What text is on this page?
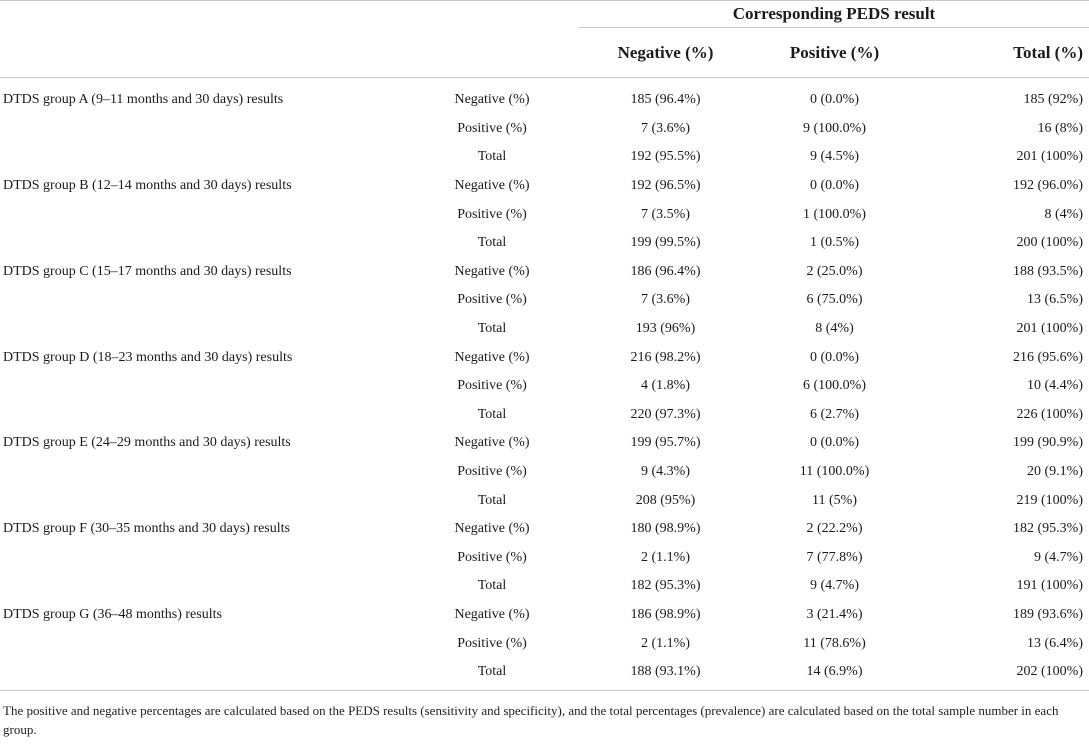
		Corresponding PEDS result		
		Negative (%)	Positive (%)	Total (%)

DTDS group A (9–11 months and 30 days) results	Negative (%)	185 (96.4%)	0 (0.0%)	185 (92%)
	Positive (%)	7 (3.6%)	9 (100.0%)	16 (8%)
	Total	192 (95.5%)	9 (4.5%)	201 (100%)
DTDS group B (12–14 months and 30 days) results	Negative (%)	192 (96.5%)	0 (0.0%)	192 (96.0%)
	Positive (%)	7 (3.5%)	1 (100.0%)	8 (4%)
	Total	199 (99.5%)	1 (0.5%)	200 (100%)
DTDS group C (15–17 months and 30 days) results	Negative (%)	186 (96.4%)	2 (25.0%)	188 (93.5%)
	Positive (%)	7 (3.6%)	6 (75.0%)	13 (6.5%)
	Total	193 (96%)	8 (4%)	201 (100%)
DTDS group D (18–23 months and 30 days) results	Negative (%)	216 (98.2%)	0 (0.0%)	216 (95.6%)
	Positive (%)	4 (1.8%)	6 (100.0%)	10 (4.4%)
	Total	220 (97.3%)	6 (2.7%)	226 (100%)
DTDS group E (24–29 months and 30 days) results	Negative (%)	199 (95.7%)	0 (0.0%)	199 (90.9%)
	Positive (%)	9 (4.3%)	11 (100.0%)	20 (9.1%)
	Total	208 (95%)	11 (5%)	219 (100%)
DTDS group F (30–35 months and 30 days) results	Negative (%)	180 (98.9%)	2 (22.2%)	182 (95.3%)
	Positive (%)	2 (1.1%)	7 (77.8%)	9 (4.7%)
	Total	182 (95.3%)	9 (4.7%)	191 (100%)
DTDS group G (36–48 months) results	Negative (%)	186 (98.9%)	3 (21.4%)	189 (93.6%)
	Positive (%)	2 (1.1%)	11 (78.6%)	13 (6.4%)
	Total	188 (93.1%)	14 (6.9%)	202 (100%)
The positive and negative percentages are calculated based on the PEDS results (sensitivity and specificity), and the total percentages (prevalence) are calculated based on the total sample number in each group.
